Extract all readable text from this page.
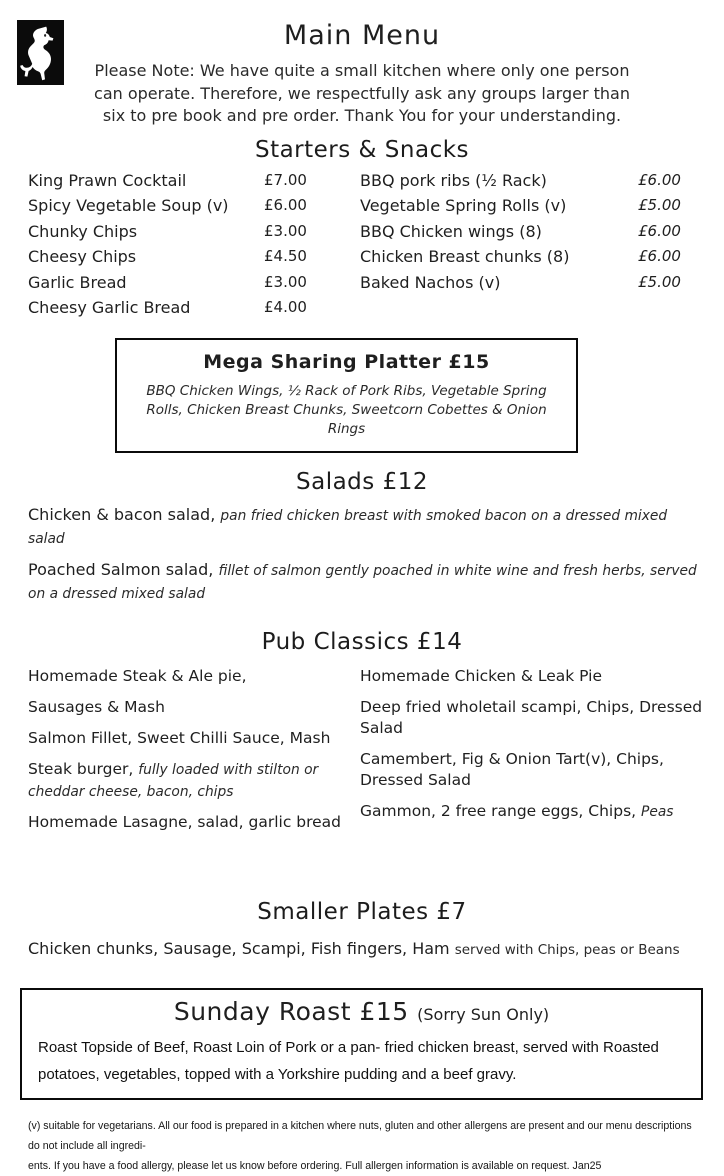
Main Menu
Please Note: We have quite a small kitchen where only one person
can operate. Therefore, we respectfully ask any groups larger than
six to pre book and pre order. Thank You for your understanding.
Starters & Snacks
King Prawn Cocktail	£7.00
Spicy Vegetable Soup (v)	£6.00
Chunky Chips	£3.00
Cheesy Chips	£4.50
Garlic Bread	£3.00
Cheesy Garlic Bread	£4.00
BBQ pork ribs (½ Rack)	£6.00
Vegetable Spring Rolls (v)	£5.00
BBQ Chicken wings (8)	£6.00
Chicken Breast chunks (8)	£6.00
Baked Nachos (v)	£5.00
Mega Sharing Platter £15
BBQ Chicken Wings, ½ Rack of Pork Ribs, Vegetable Spring Rolls, Chicken Breast Chunks, Sweetcorn Cobettes & Onion Rings
Salads £12

Chicken & bacon salad, pan fried chicken breast with smoked bacon on a dressed mixed salad

Poached Salmon salad, fillet of salmon gently poached in white wine and fresh herbs, served on a dressed mixed salad

Pub Classics £14

Homemade Steak & Ale pie,

Sausages & Mash

Salmon Fillet, Sweet Chilli Sauce, Mash

Steak burger, fully loaded with stilton or cheddar cheese, bacon, chips

Homemade Lasagne, salad, garlic bread

Homemade Chicken & Leak Pie

Deep fried wholetail scampi, Chips, Dressed Salad

Camembert, Fig & Onion Tart(v), Chips, Dressed Salad

Gammon, 2 free range eggs, Chips, Peas

Smaller Plates £7

Chicken chunks, Sausage, Scampi, Fish fingers, Ham served with Chips, peas or Beans

Sunday Roast £15 (Sorry Sun Only)

Roast Topside of Beef, Roast Loin of Pork or a pan- fried chicken breast, served with Roasted potatoes, vegetables, topped with a Yorkshire pudding and a beef gravy.

(v) suitable for vegetarians. All our food is prepared in a kitchen where nuts, gluten and other allergens are present and our menu descriptions do not include all ingredi-
ents. If you have a food allergy, please let us know before ordering. Full allergen information is available on request. Jan25
